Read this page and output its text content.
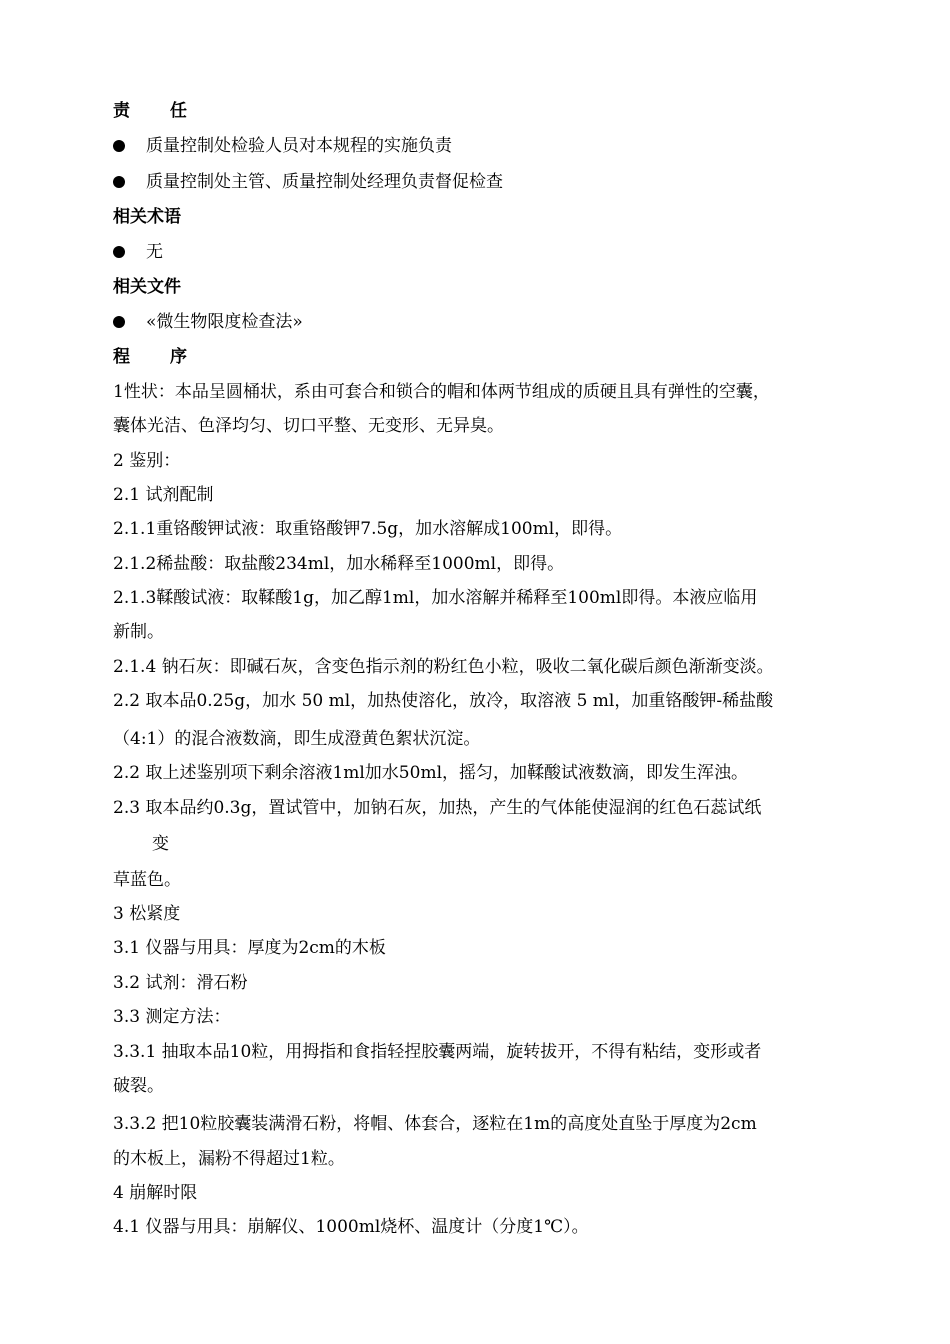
责任
质量控制处检验人员对本规程的实施负责
质量控制处主管、质量控制处经理负责督促检查
相关术语
无
相关文件
«微生物限度检查法»
程序
1性状：本品呈圆桶状，系由可套合和锁合的帽和体两节组成的质硬且具有弹性的空囊，
囊体光洁、色泽均匀、切口平整、无变形、无异臭。
2 鉴别：
2.1 试剂配制
2.1.1重铬酸钾试液：取重铬酸钾7.5g，加水溶解成100ml，即得。
2.1.2稀盐酸：取盐酸234ml，加水稀释至1000ml，即得。
2.1.3鞣酸试液：取鞣酸1g，加乙醇1ml，加水溶解并稀释至100ml即得。本液应临用
新制。
2.1.4 钠石灰：即碱石灰，含变色指示剂的粉红色小粒，吸收二氧化碳后颜色渐渐变淡。
2.2 取本品0.25g，加水 50 ml，加热使溶化，放冷，取溶液 5 ml，加重铬酸钾-稀盐酸
（4:1）的混合液数滴，即生成澄黄色絮状沉淀。
2.2 取上述鉴别项下剩余溶液1ml加水50ml，摇匀，加鞣酸试液数滴，即发生浑浊。
2.3 取本品约0.3g，置试管中，加钠石灰，加热，产生的气体能使湿润的红色石蕊试纸
变
草蓝色。
3 松紧度
3.1 仪器与用具：厚度为2cm的木板
3.2 试剂：滑石粉
3.3 测定方法：
3.3.1 抽取本品10粒，用拇指和食指轻捏胶囊两端，旋转拔开，不得有粘结，变形或者
破裂。
3.3.2 把10粒胶囊装满滑石粉，将帽、体套合，逐粒在1m的高度处直坠于厚度为2cm
的木板上，漏粉不得超过1粒。
4 崩解时限
4.1 仪器与用具：崩解仪、1000ml烧杯、温度计（分度1℃）。
